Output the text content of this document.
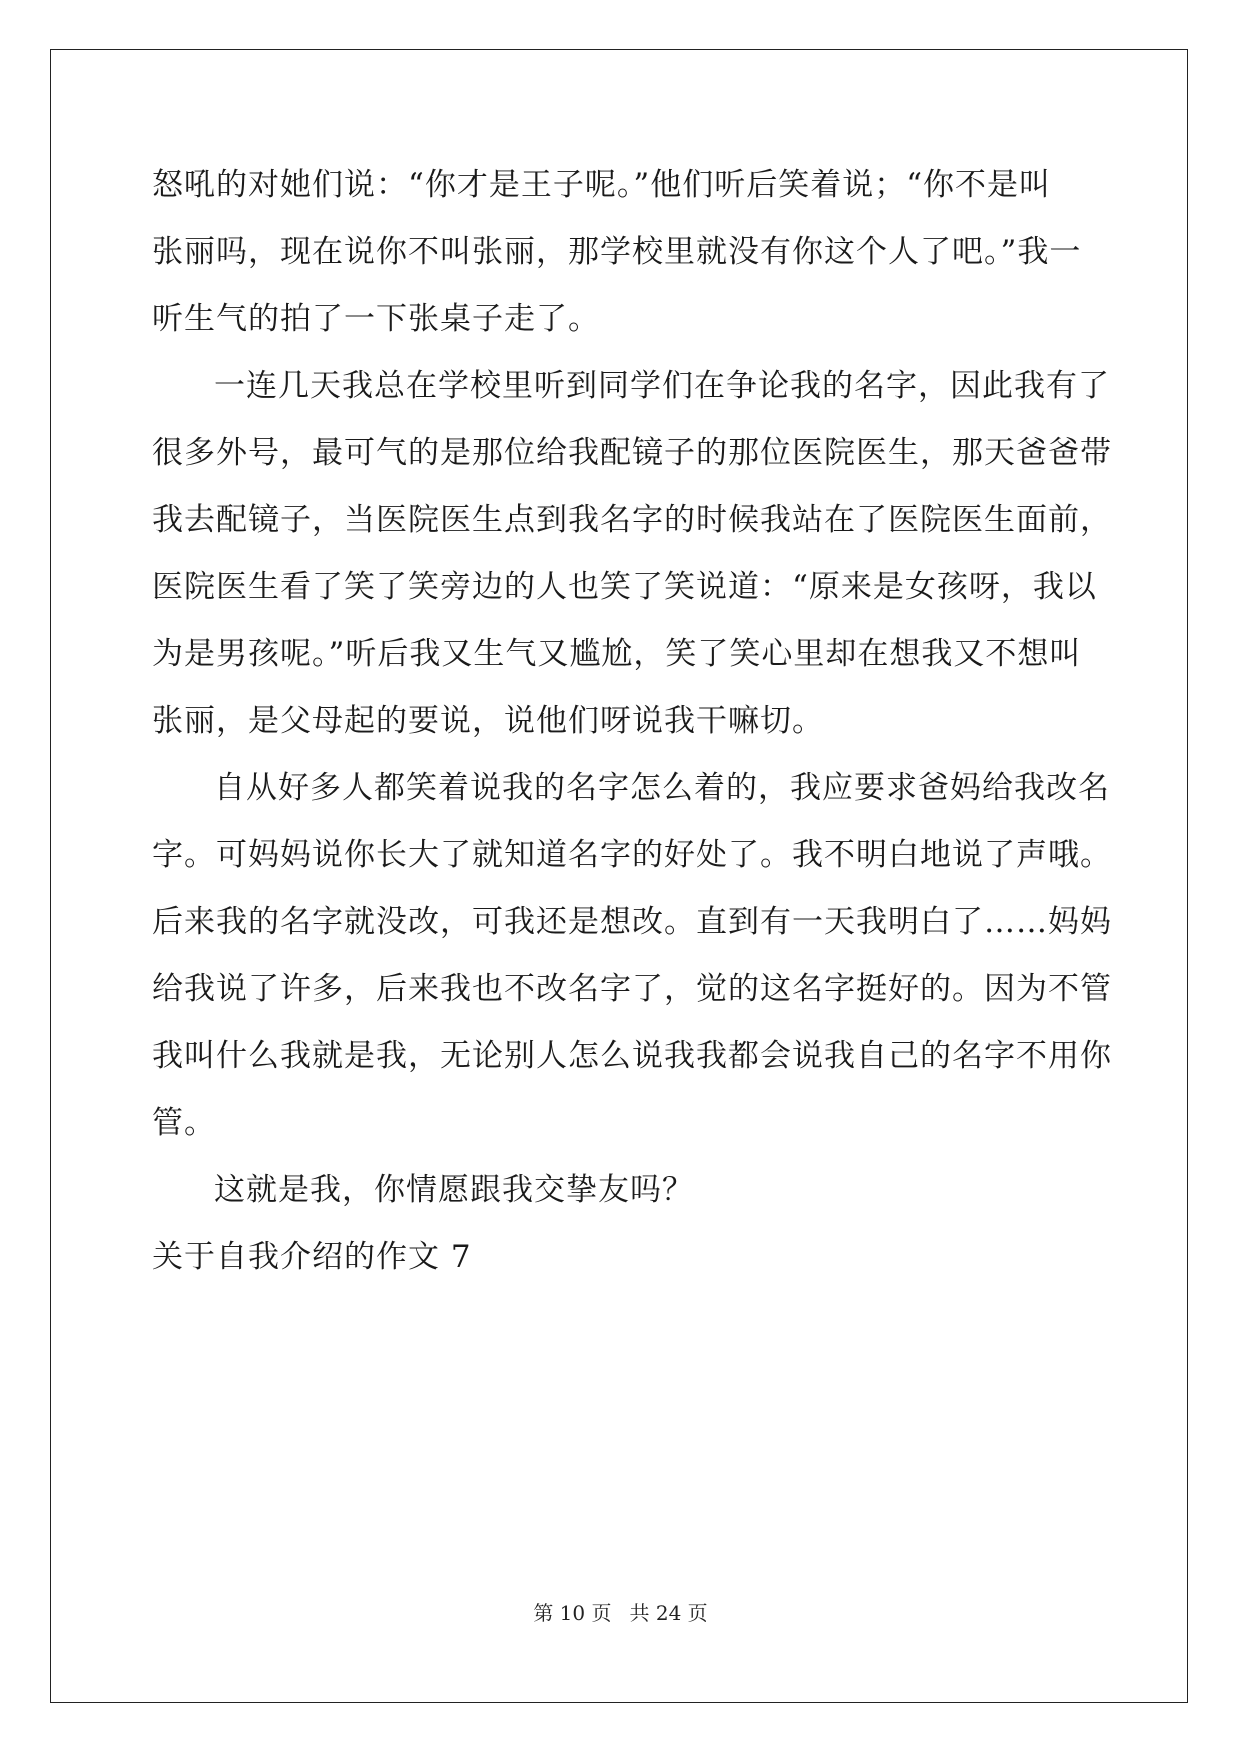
怒吼的对她们说：“你才是王子呢。”他们听后笑着说；“你不是叫
张丽吗，现在说你不叫张丽，那学校里就没有你这个人了吧。”我一
听生气的拍了一下张桌子走了。
一连几天我总在学校里听到同学们在争论我的名字，因此我有了
很多外号，最可气的是那位给我配镜子的那位医院医生，那天爸爸带
我去配镜子，当医院医生点到我名字的时候我站在了医院医生面前，
医院医生看了笑了笑旁边的人也笑了笑说道：“原来是女孩呀，我以
为是男孩呢。”听后我又生气又尴尬，笑了笑心里却在想我又不想叫
张丽，是父母起的要说，说他们呀说我干嘛切。
自从好多人都笑着说我的名字怎么着的，我应要求爸妈给我改名
字。可妈妈说你长大了就知道名字的好处了。我不明白地说了声哦。
后来我的名字就没改，可我还是想改。直到有一天我明白了……妈妈
给我说了许多，后来我也不改名字了，觉的这名字挺好的。因为不管
我叫什么我就是我，无论别人怎么说我我都会说我自己的名字不用你
管。
这就是我，你情愿跟我交挚友吗？
关于自我介绍的作文 7
第 10 页 共 24 页
